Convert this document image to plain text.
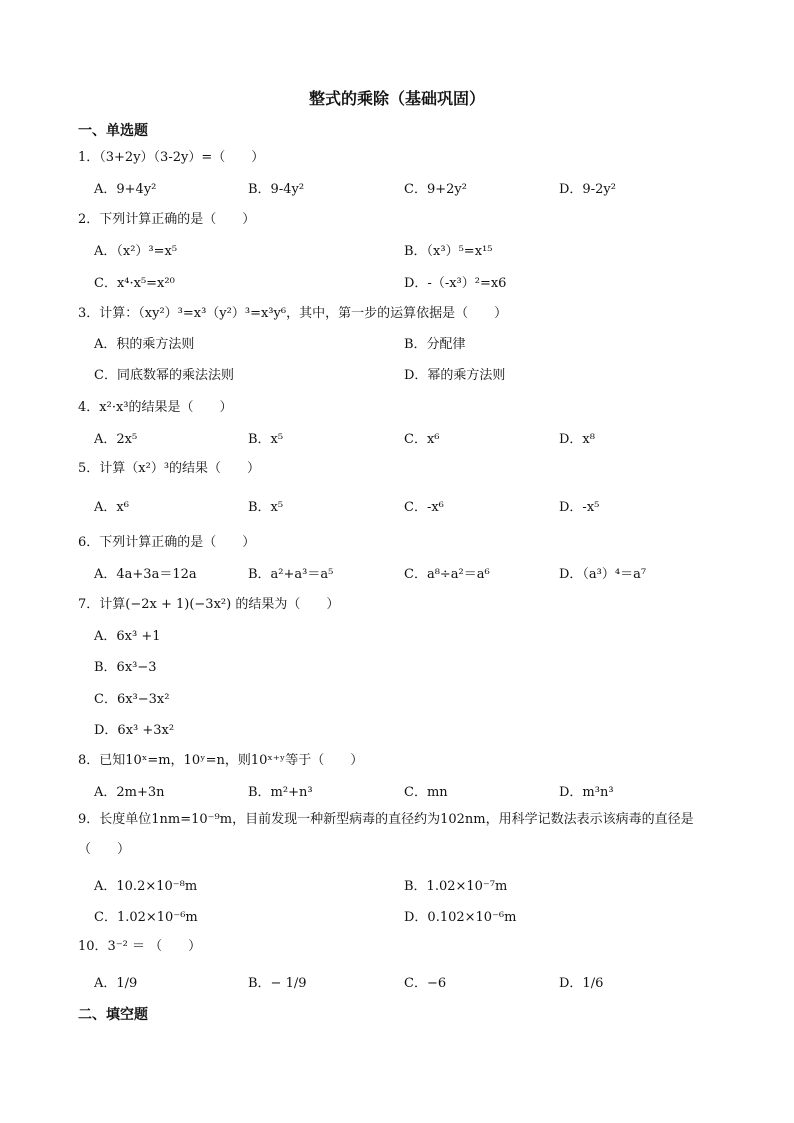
整式的乘除（基础巩固）
一、单选题
1．（3+2y）（3-2y）=（　　）
A．9+4y²	B．9-4y²	C．9+2y²	D．9-2y²
2．下列计算正确的是（　　）
A．（x²）³=x⁵	B．（x³）⁵=x¹⁵
C．x⁴·x⁵=x²⁰	D．-（-x³）²=x6
3．计算：（xy²）³=x³（y²）³=x³y⁶，其中，第一步的运算依据是（　　）
A．积的乘方法则	B．分配律
C．同底数幂的乘法法则	D．幂的乘方法则
4．x²·x³的结果是（　　）
A．2x⁵	B．x⁵	C．x⁶	D．x⁸
5．计算（x²）³的结果（　　）
A．x⁶	B．x⁵	C．-x⁶	D．-x⁵
6．下列计算正确的是（　　）
A．4a+3a＝12a	B．a²+a³＝a⁵	C．a⁸÷a²＝a⁶	D．（a³）⁴＝a⁷
7．计算(−2x + 1)(−3x²) 的结果为（　　）
A．6x³ +1
B．6x³−3
C．6x³−3x²
D．6x³ +3x²
8．已知10ˣ=m，10ʸ=n，则10ˣ⁺ʸ等于（　　）
A．2m+3n	B．m²+n³	C．mn	D．m³n³
9．长度单位1nm=10⁻⁹m，目前发现一种新型病毒的直径约为102nm，用科学记数法表示该病毒的直径是（　　）
A．10.2×10⁻⁸m	B．1.02×10⁻⁷m
C．1.02×10⁻⁶m	D．0.102×10⁻⁶m
10．3⁻² ＝ （　　）
A．1/9	B．− 1/9	C．−6	D．1/6
二、填空题
